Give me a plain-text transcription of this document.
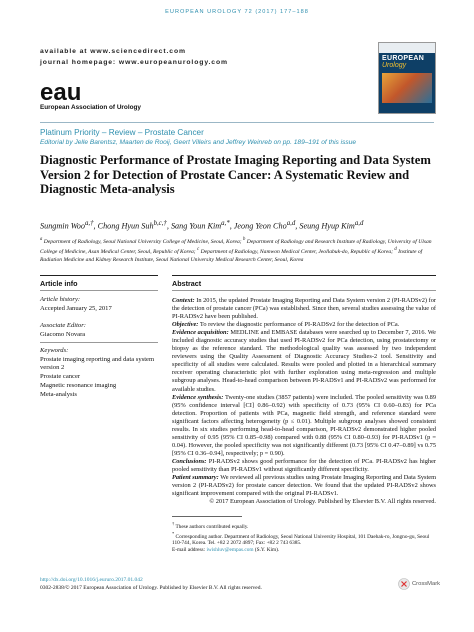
EUROPEAN UROLOGY 72 (2017) 177–188
available at www.sciencedirect.com
journal homepage: www.europeanurology.com
eau
European Association of Urology
EUROPEAN
Urology
Platinum Priority – Review – Prostate Cancer
Editorial by Jelle Barentsz, Maarten de Rooij, Geert Villeirs and Jeffrey Weinreb on pp. 189–191 of this issue
Diagnostic Performance of Prostate Imaging Reporting and Data System Version 2 for Detection of Prostate Cancer: A Systematic Review and Diagnostic Meta-analysis
Sungmin Woo$^{a,\dagger}$, Chong Hyun Suh$^{b,c,\dagger}$, Sang Youn Kim$^{a,*}$, Jeong Yeon Cho$^{a,d}$, Seung Hyup Kim$^{a,d}$
$^a$ Department of Radiology, Seoul National University College of Medicine, Seoul, Korea; $^b$ Department of Radiology and Research Institute of Radiology, University of Ulsan College of Medicine, Asan Medical Center, Seoul, Republic of Korea; $^c$ Department of Radiology, Namwon Medical Center, Jeollabuk-do, Republic of Korea; $^d$ Institute of Radiation Medicine and Kidney Research Institute, Seoul National University Medical Research Center, Seoul, Korea
Article info	Abstract
Article history:
Accepted January 25, 2017
Associate Editor:
Giacomo Novara
Keywords:
Prostate imaging reporting and data system version 2
Prostate cancer
Magnetic resonance imaging
Meta-analysis

Context: In 2015, the updated Prostate Imaging Reporting and Data System version 2 (PI-RADSv2) for the detection of prostate cancer (PCa) was established. Since then, several studies assessing the value of PI-RADSv2 have been published.

Objective: To review the diagnostic performance of PI-RADSv2 for the detection of PCa.

Evidence acquisition: MEDLINE and EMBASE databases were searched up to December 7, 2016. We included diagnostic accuracy studies that used PI-RADSv2 for PCa detection, using prostatectomy or biopsy as the reference standard. The methodological quality was assessed by two independent reviewers using the Quality Assessment of Diagnostic Accuracy Studies-2 tool. Sensitivity and specificity of all studies were calculated. Results were pooled and plotted in a hierarchical summary receiver operating characteristic plot with further exploration using meta-regression and multiple subgroup analyses. Head-to-head comparison between PI-RADSv1 and PI-RADSv2 was performed for available studies.

Evidence synthesis: Twenty-one studies (3857 patients) were included. The pooled sensitivity was 0.89 (95% confidence interval [CI] 0.86–0.92) with specificity of 0.73 (95% CI 0.60–0.83) for PCa detection. Proportion of patients with PCa, magnetic field strength, and reference standard were significant factors affecting heterogeneity (p ≤ 0.01). Multiple subgroup analyses showed consistent results. In six studies performing head-to-head comparison, PI-RADSv2 demonstrated higher pooled sensitivity of 0.95 (95% CI 0.85–0.98) compared with 0.88 (95% CI 0.80–0.93) for PI-RADSv1 (p = 0.04). However, the pooled specificity was not significantly different (0.73 [95% CI 0.47–0.89] vs 0.75 [95% CI 0.36–0.94], respectively; p = 0.90).

Conclusions: PI-RADSv2 shows good performance for the detection of PCa. PI-RADSv2 has higher pooled sensitivity than PI-RADSv1 without significantly different specificity.

Patient summary: We reviewed all previous studies using Prostate Imaging Reporting and Data System version 2 (PI-RADSv2) for prostate cancer detection. We found that the updated PI-RADSv2 shows significant improvement compared with the original PI-RADSv1.

© 2017 European Association of Urology. Published by Elsevier B.V. All rights reserved.

† These authors contributed equally.
* Corresponding author. Department of Radiology, Seoul National University Hospital, 101 Daehak-ro, Jongno-gu, Seoul 110-744, Korea. Tel. +82 2 2072 4897; Fax: +82 2 743 6385.
E-mail address: iwishluv@empas.com (S.Y. Kim).
http://dx.doi.org/10.1016/j.eururo.2017.01.042
0302-2838/© 2017 European Association of Urology. Published by Elsevier B.V. All rights reserved.
CrossMark
